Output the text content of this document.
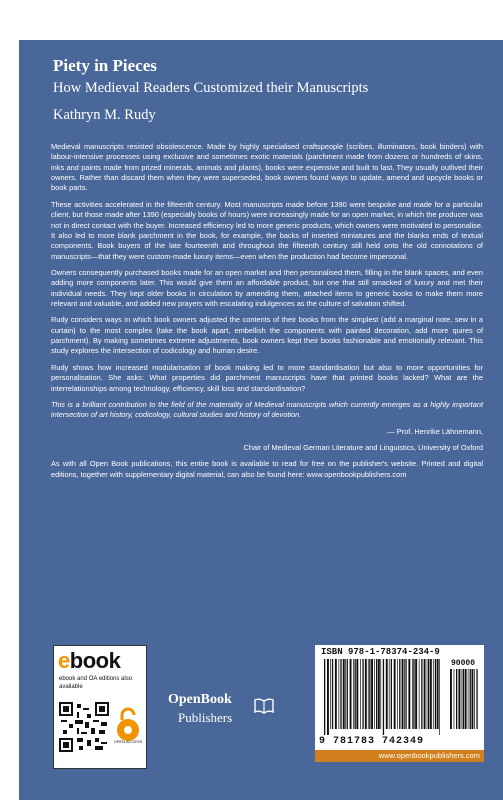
Piety in Pieces
How Medieval Readers Customized their Manuscripts
Kathryn M. Rudy

Medieval manuscripts resisted obsolescence. Made by highly specialised craftspeople (scribes, illuminators, book binders) with labour-intensive processes using exclusive and sometimes exotic materials (parchment made from dozens or hundreds of skins, inks and paints made from prized minerals, animals and plants), books were expensive and built to last. They usually outlived their owners. Rather than discard them when they were superseded, book owners found ways to update, amend and upcycle books or book parts.

These activities accelerated in the fifteenth century. Most manuscripts made before 1390 were bespoke and made for a particular client, but those made after 1390 (especially books of hours) were increasingly made for an open market, in which the producer was not in direct contact with the buyer. Increased efficiency led to more generic products, which owners were motivated to personalise. It also led to more blank parchment in the book, for example, the backs of inserted miniatures and the blanks ends of textual components. Book buyers of the late fourteenth and throughout the fifteenth century still held onto the old connotations of manuscripts—that they were custom-made luxury items—even when the production had become impersonal.

Owners consequently purchased books made for an open market and then personalised them, filling in the blank spaces, and even adding more components later. This would give them an affordable product, but one that still smacked of luxury and met their individual needs. They kept older books in circulation by amending them, attached items to generic books to make them more relevant and valuable, and added new prayers with escalating indulgences as the culture of salvation shifted.

Rudy considers ways in which book owners adjusted the contents of their books from the simplest (add a marginal note, sew in a curtain) to the most complex (take the book apart, embellish the components with painted decoration, add more quires of parchment). By making sometimes extreme adjustments, book owners kept their books fashionable and emotionally relevant. This study explores the intersection of codicology and human desire.

Rudy shows how increased modularisation of book making led to more standardisation but also to more opportunities for personalisation. She asks: What properties did parchment manuscripts have that printed books lacked? What are the interrelationships among technology, efficiency, skill loss and standardisation?

This is a brilliant contribution to the field of the materiality of Medieval manuscripts which currently emerges as a highly important intersection of art history, codicology, cultural studies and history of devotion.

— Prof. Henrike Lähnemann,

Chair of Medieval German Literature and Linguistics, University of Oxford

As with all Open Book publications, this entire book is available to read for free on the publisher's website. Printed and digital editions, together with supplementary digital material, can also be found here: www.openbookpublishers.com

ebook
ebook and OA editions also available
OPEN ACCESS
OpenBook
Publishers
ISBN 978-1-78374-234-9
90000
9 781783 742349
www.openbookpublishers.com
